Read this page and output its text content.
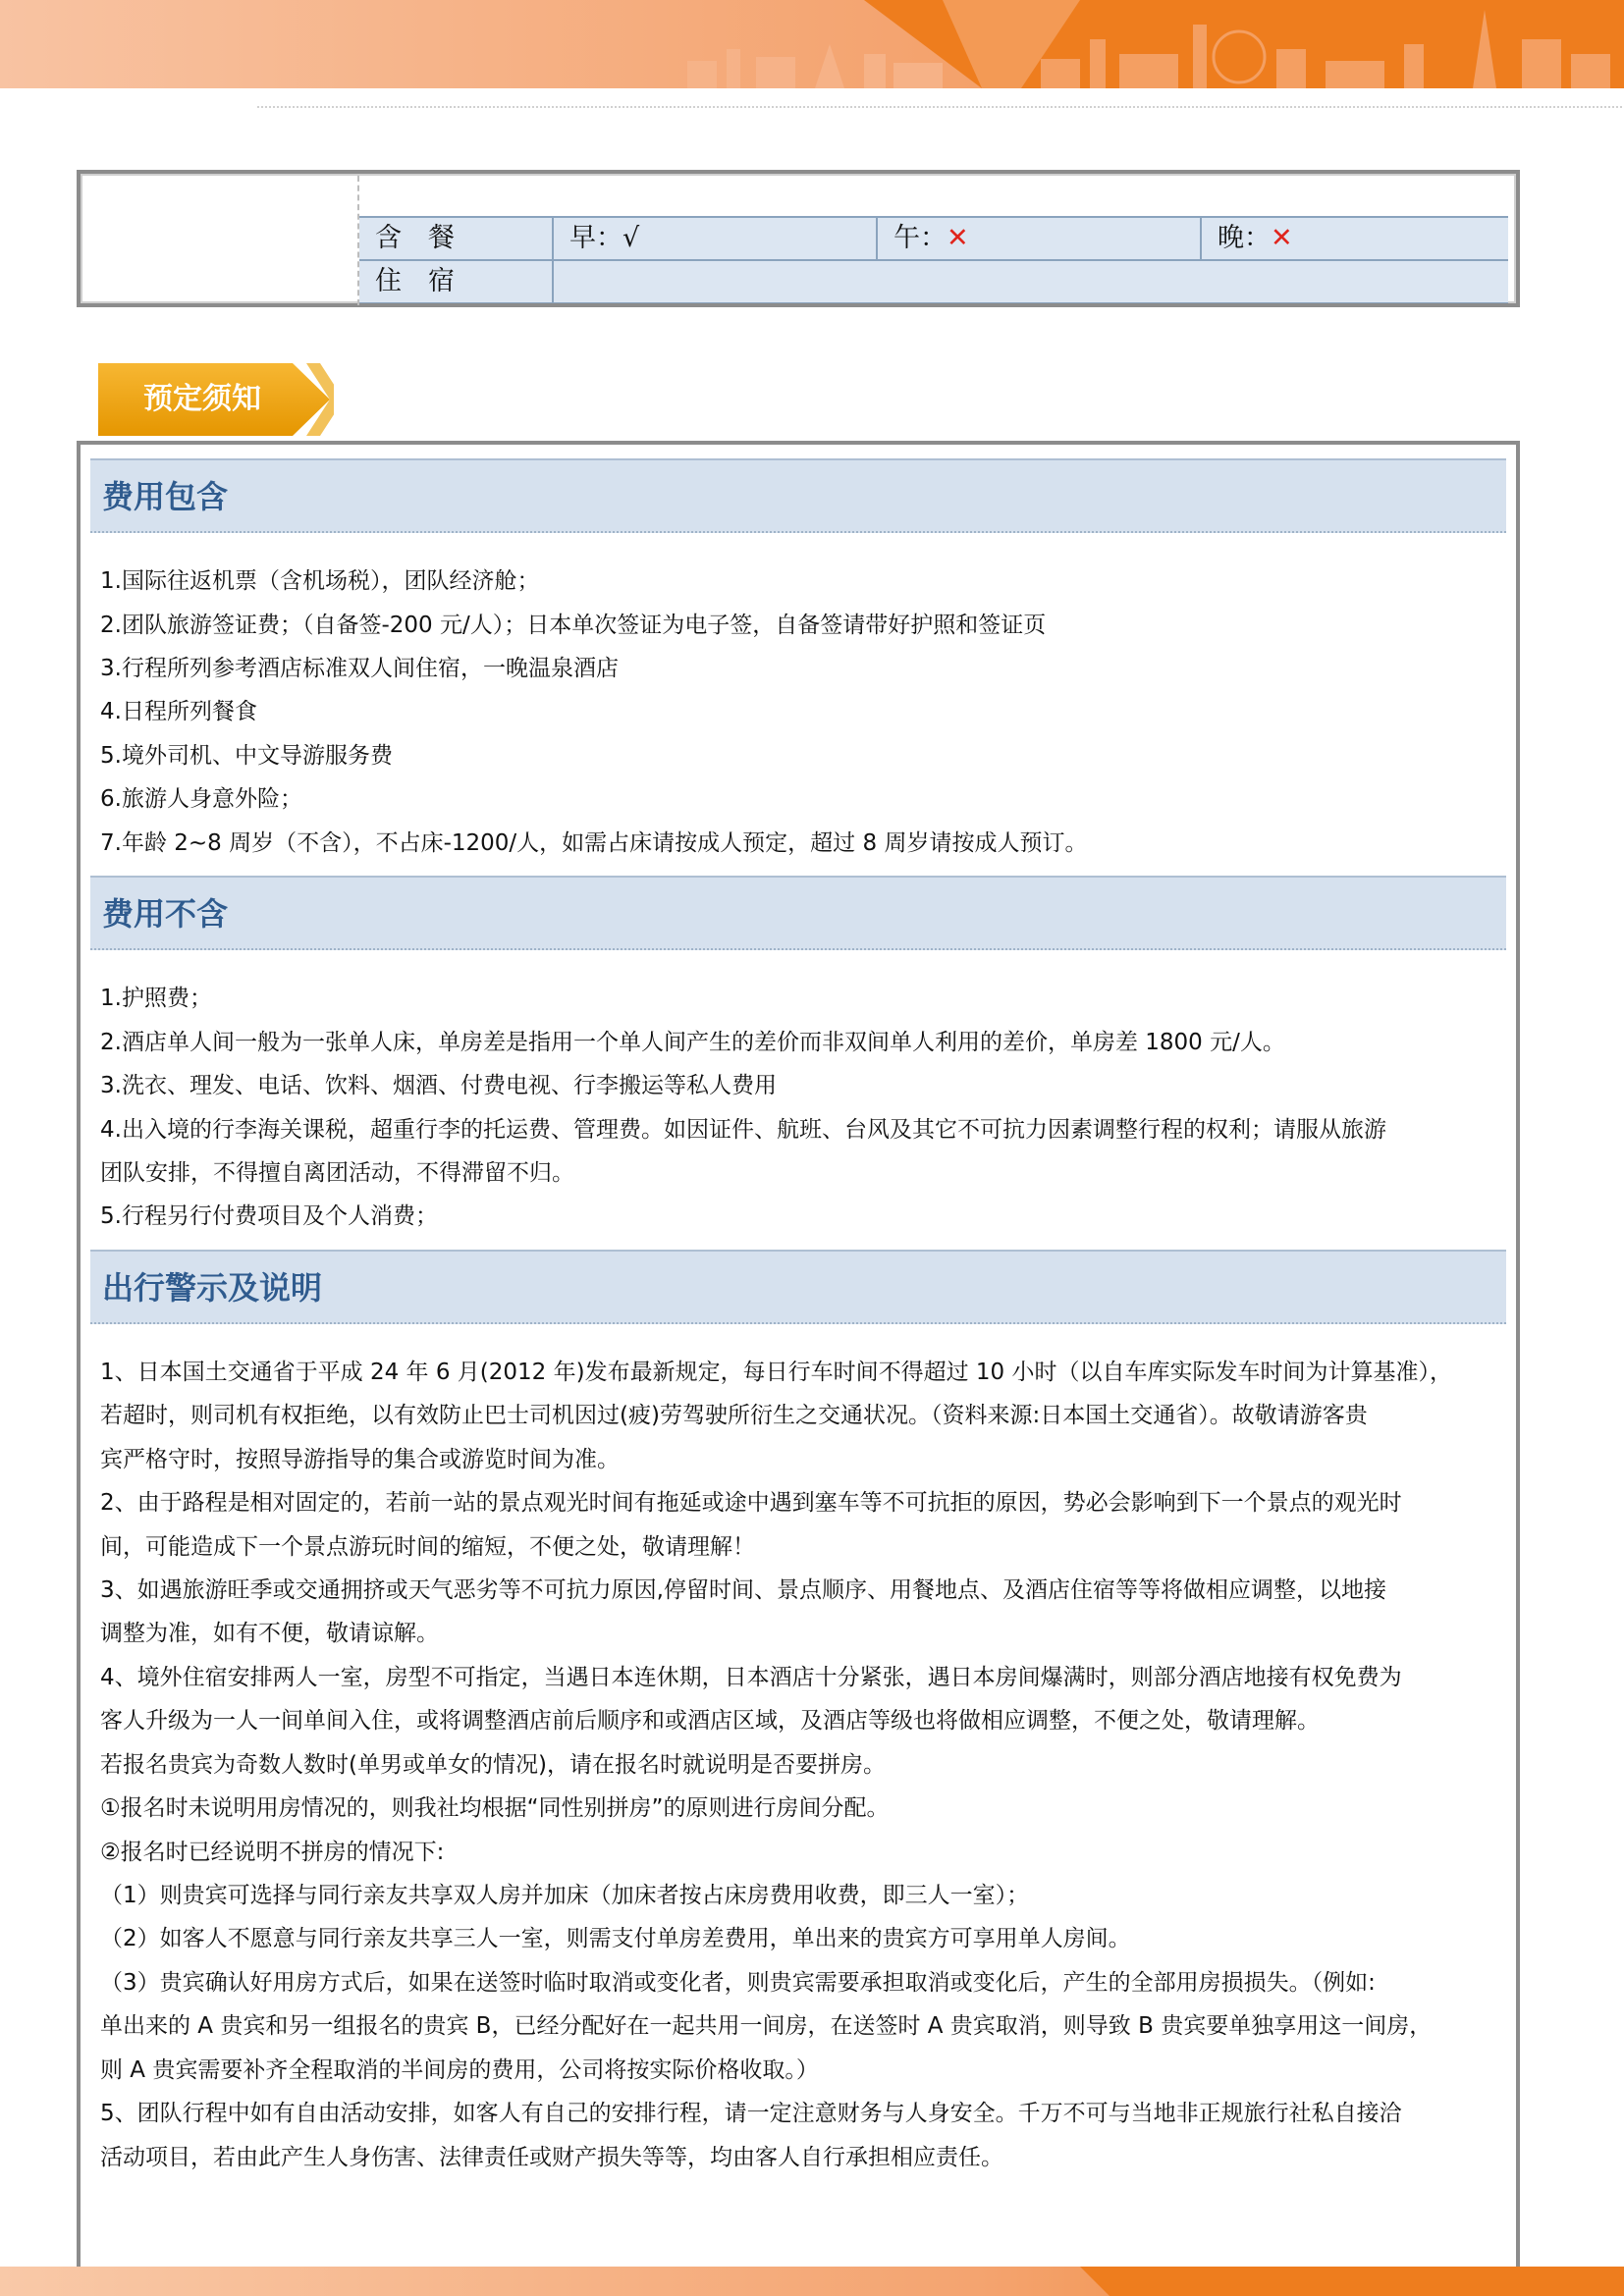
含　餐	早：√	午：✕	晚：✕
住　宿
预定须知
费用包含
1.国际往返机票（含机场税），团队经济舱；
2.团队旅游签证费；（自备签-200 元/人）；日本单次签证为电子签，自备签请带好护照和签证页
3.行程所列参考酒店标准双人间住宿，一晚温泉酒店
4.日程所列餐食
5.境外司机、中文导游服务费
6.旅游人身意外险；
7.年龄 2~8 周岁（不含），不占床-1200/人，如需占床请按成人预定，超过 8 周岁请按成人预订。
费用不含
1.护照费；
2.酒店单人间一般为一张单人床，单房差是指用一个单人间产生的差价而非双间单人利用的差价，单房差 1800 元/人。
3.洗衣、理发、电话、饮料、烟酒、付费电视、行李搬运等私人费用
4.出入境的行李海关课税，超重行李的托运费、管理费。如因证件、航班、台风及其它不可抗力因素调整行程的权利；请服从旅游
团队安排，不得擅自离团活动，不得滞留不归。
5.行程另行付费项目及个人消费；
出行警示及说明
1、日本国土交通省于平成 24 年 6 月(2012 年)发布最新规定，每日行车时间不得超过 10 小时（以自车库实际发车时间为计算基准），
若超时，则司机有权拒绝，以有效防止巴士司机因过(疲)劳驾驶所衍生之交通状况。（资料来源:日本国土交通省）。故敬请游客贵
宾严格守时，按照导游指导的集合或游览时间为准。
2、由于路程是相对固定的，若前一站的景点观光时间有拖延或途中遇到塞车等不可抗拒的原因，势必会影响到下一个景点的观光时
间，可能造成下一个景点游玩时间的缩短，不便之处，敬请理解！
3、如遇旅游旺季或交通拥挤或天气恶劣等不可抗力原因,停留时间、景点顺序、用餐地点、及酒店住宿等等将做相应调整，以地接
调整为准，如有不便，敬请谅解。
4、境外住宿安排两人一室，房型不可指定，当遇日本连休期，日本酒店十分紧张，遇日本房间爆满时，则部分酒店地接有权免费为
客人升级为一人一间单间入住，或将调整酒店前后顺序和或酒店区域，及酒店等级也将做相应调整，不便之处，敬请理解。
若报名贵宾为奇数人数时(单男或单女的情况)，请在报名时就说明是否要拼房。
①报名时未说明用房情况的，则我社均根据“同性别拼房”的原则进行房间分配。
②报名时已经说明不拼房的情况下:
（1）则贵宾可选择与同行亲友共享双人房并加床（加床者按占床房费用收费，即三人一室）；
（2）如客人不愿意与同行亲友共享三人一室，则需支付单房差费用，单出来的贵宾方可享用单人房间。
（3）贵宾确认好用房方式后，如果在送签时临时取消或变化者，则贵宾需要承担取消或变化后，产生的全部用房损损失。（例如:
单出来的 A 贵宾和另一组报名的贵宾 B，已经分配好在一起共用一间房，在送签时 A 贵宾取消，则导致 B 贵宾要单独享用这一间房，
则 A 贵宾需要补齐全程取消的半间房的费用，公司将按实际价格收取。）
5、团队行程中如有自由活动安排，如客人有自己的安排行程，请一定注意财务与人身安全。千万不可与当地非正规旅行社私自接洽
活动项目，若由此产生人身伤害、法律责任或财产损失等等，均由客人自行承担相应责任。
